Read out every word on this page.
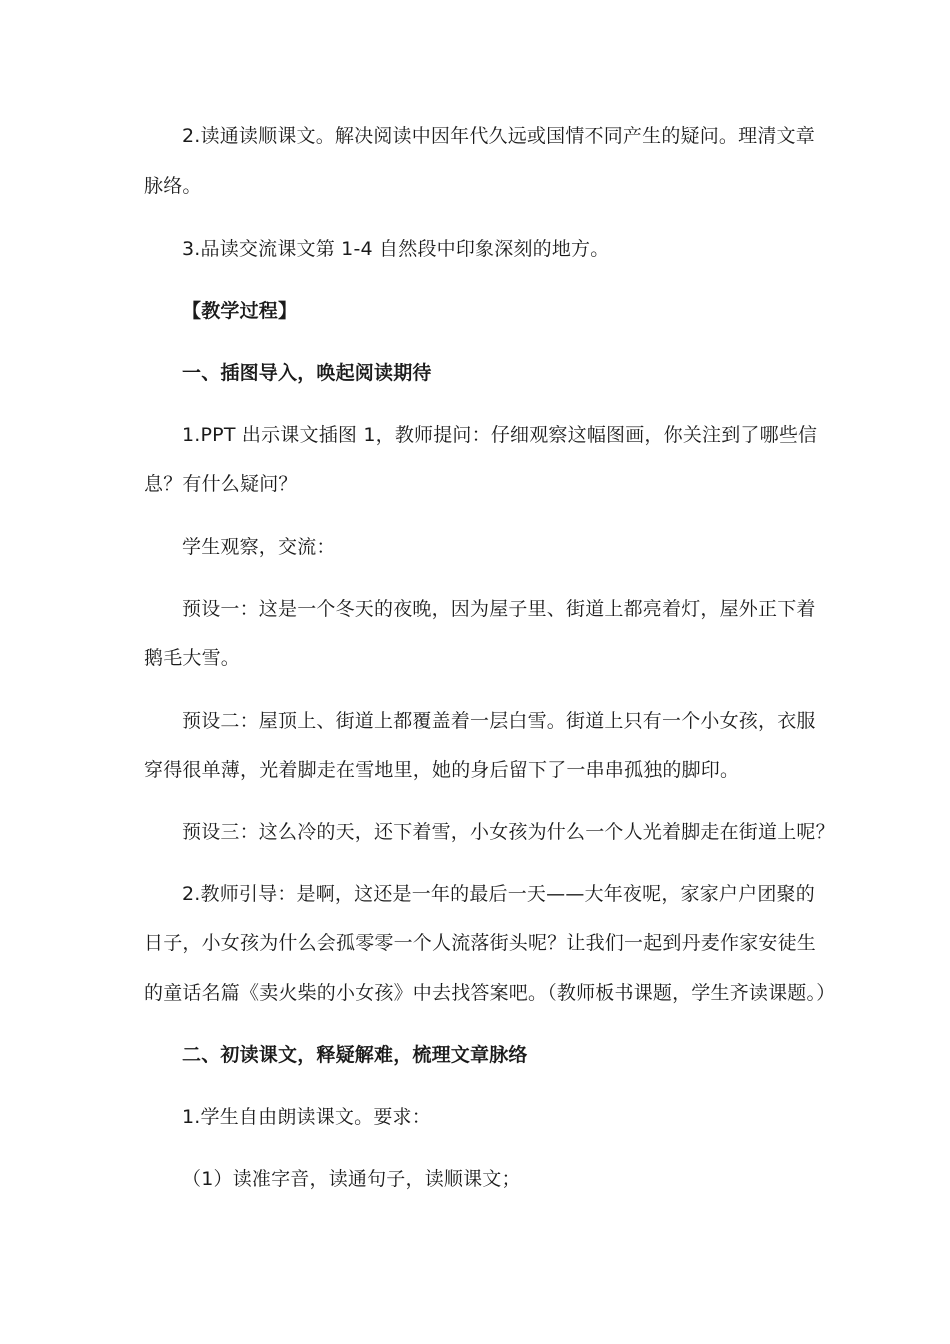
2.读通读顺课文。解决阅读中因年代久远或国情不同产生的疑问。理清文章
脉络。
3.品读交流课文第 1-4 自然段中印象深刻的地方。
【教学过程】
一、插图导入，唤起阅读期待
1.PPT 出示课文插图 1，教师提问：仔细观察这幅图画，你关注到了哪些信
息？有什么疑问？
学生观察，交流：
预设一：这是一个冬天的夜晚，因为屋子里、街道上都亮着灯，屋外正下着
鹅毛大雪。
预设二：屋顶上、街道上都覆盖着一层白雪。街道上只有一个小女孩，衣服
穿得很单薄，光着脚走在雪地里，她的身后留下了一串串孤独的脚印。
预设三：这么冷的天，还下着雪，小女孩为什么一个人光着脚走在街道上呢？
2.教师引导：是啊，这还是一年的最后一天——大年夜呢，家家户户团聚的
日子，小女孩为什么会孤零零一个人流落街头呢？让我们一起到丹麦作家安徒生
的童话名篇《卖火柴的小女孩》中去找答案吧。（教师板书课题，学生齐读课题。）
二、初读课文，释疑解难，梳理文章脉络
1.学生自由朗读课文。要求：
（1）读准字音，读通句子，读顺课文；
